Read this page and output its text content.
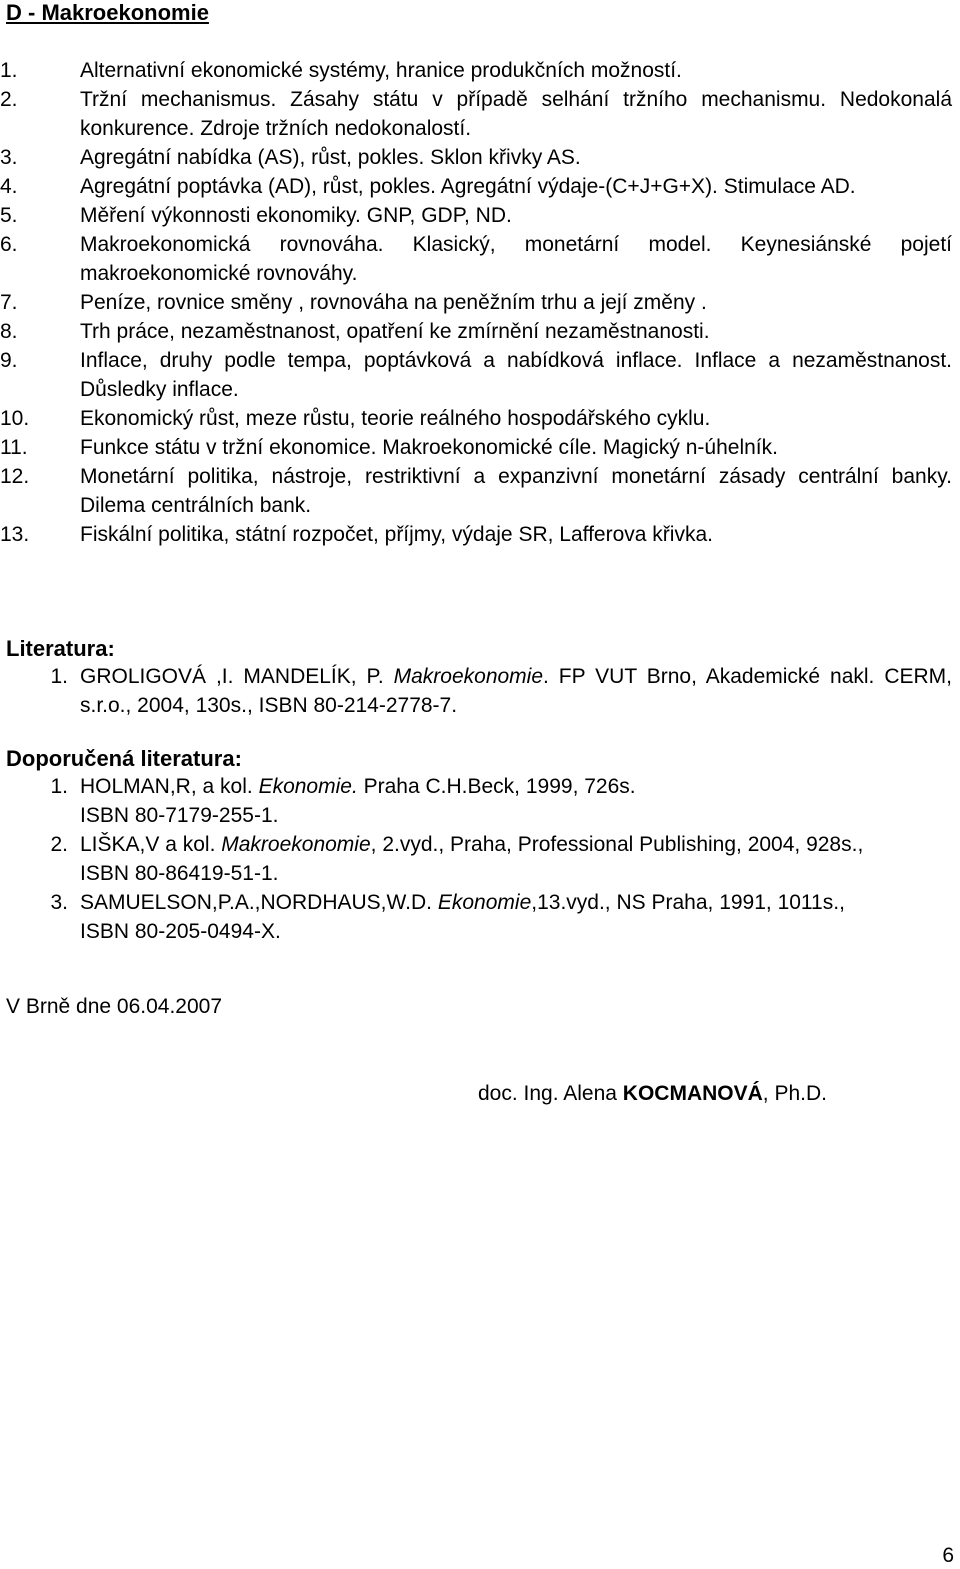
D - Makroekonomie
1.	Alternativní ekonomické systémy, hranice produkčních možností.
2.	Tržní mechanismus. Zásahy státu v případě selhání tržního mechanismu. Nedokonalá konkurence. Zdroje tržních nedokonalostí.
3.	Agregátní nabídka (AS), růst, pokles. Sklon křivky AS.
4.	Agregátní poptávka (AD), růst, pokles. Agregátní výdaje-(C+J+G+X). Stimulace AD.
5.	Měření výkonnosti ekonomiky. GNP, GDP, ND.
6.	Makroekonomická rovnováha. Klasický, monetární model. Keynesiánské pojetí makroekonomické rovnováhy.
7.	Peníze, rovnice směny , rovnováha na peněžním trhu a její změny .
8.	Trh práce, nezaměstnanost, opatření ke zmírnění nezaměstnanosti.
9.	Inflace, druhy podle tempa, poptávková a nabídková inflace. Inflace a nezaměstnanost. Důsledky inflace.
10.	Ekonomický růst, meze růstu, teorie reálného hospodářského cyklu.
11.	Funkce státu v tržní ekonomice. Makroekonomické cíle. Magický n-úhelník.
12.	Monetární politika, nástroje, restriktivní a expanzivní monetární zásady centrální banky. Dilema centrálních bank.
13.	Fiskální politika, státní rozpočet, příjmy, výdaje SR, Lafferova křivka.
Literatura:
1. GROLIGOVÁ ,I. MANDELÍK, P. Makroekonomie. FP VUT Brno, Akademické nakl. CERM, s.r.o., 2004, 130s., ISBN 80-214-2778-7.
Doporučená literatura:
1. HOLMAN,R, a kol. Ekonomie. Praha C.H.Beck, 1999, 726s.
ISBN 80-7179-255-1.
2. LIŠKA,V a kol. Makroekonomie, 2.vyd., Praha, Professional Publishing, 2004, 928s.,
ISBN 80-86419-51-1.
3. SAMUELSON,P.A.,NORDHAUS,W.D. Ekonomie,13.vyd., NS Praha, 1991, 1011s.,
ISBN 80-205-0494-X.
V Brně dne 06.04.2007
doc. Ing. Alena KOCMANOVÁ, Ph.D.
6
